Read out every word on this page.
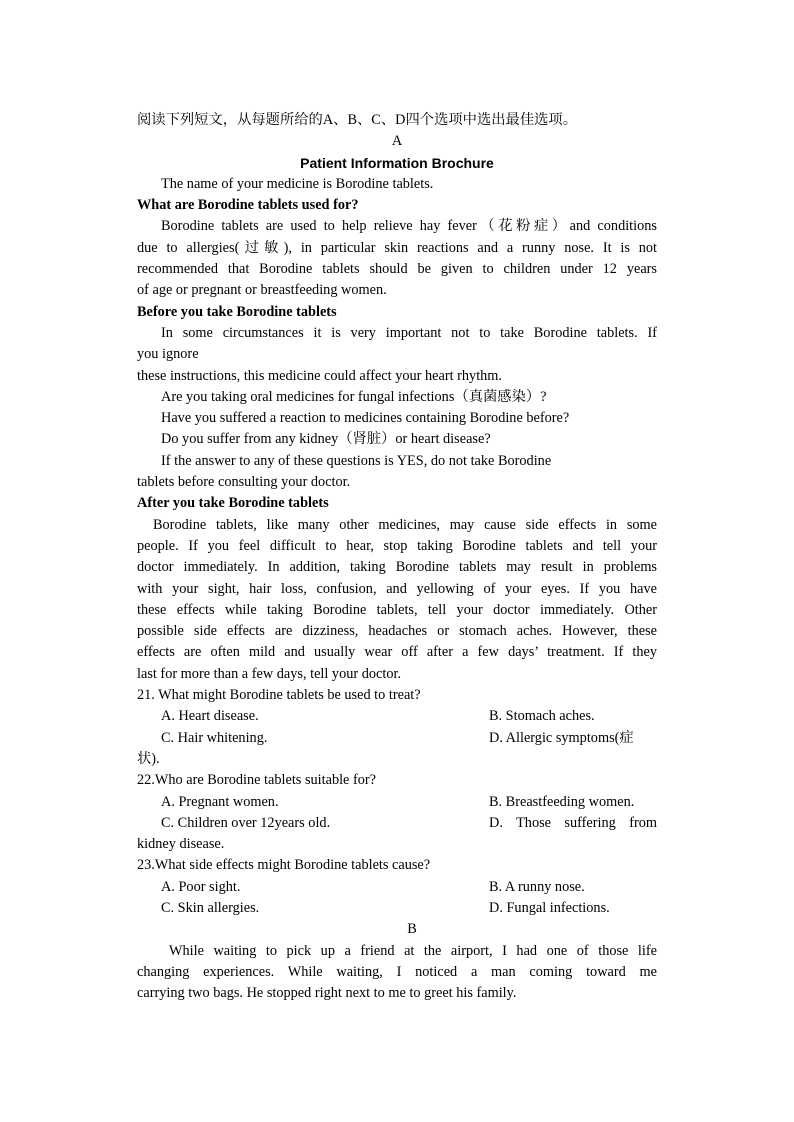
阅读下列短文，从每题所给的A、B、C、D四个选项中选出最佳选项。
A
Patient Information Brochure
The name of your medicine is Borodine tablets.
What are Borodine tablets used for?
Borodine tablets are used to help relieve hay fever（花粉症）and conditions
due to allergies(过敏), in particular skin reactions and a runny nose. It is not
recommended that Borodine tablets should be given to children under 12 years
of age or pregnant or breastfeeding women.
Before you take Borodine tablets
In some circumstances it is very important not to take Borodine tablets. If
you ignore
these instructions, this medicine could affect your heart rhythm.
Are you taking oral medicines for fungal infections（真菌感染）?
Have you suffered a reaction to medicines containing Borodine before?
Do you suffer from any kidney（肾脏）or heart disease?
If the answer to any of these questions is YES, do not take Borodine
tablets before consulting your doctor.
After you take Borodine tablets
Borodine tablets, like many other medicines, may cause side effects in some
people. If you feel difficult to hear, stop taking Borodine tablets and tell your
doctor immediately. In addition, taking Borodine tablets may result in problems
with your sight, hair loss, confusion, and yellowing of your eyes. If you have
these effects while taking Borodine tablets, tell your doctor immediately. Other
possible side effects are dizziness, headaches or stomach aches. However, these
effects are often mild and usually wear off after a few days’ treatment. If they
last for more than a few days, tell your doctor.
21. What might Borodine tablets be used to treat?
A. Heart disease.	B. Stomach aches.
C. Hair whitening.	D. Allergic symptoms(症
状).
22.Who are Borodine tablets suitable for?
A. Pregnant women.	B. Breastfeeding women.
C. Children over 12years old.	D. Those suffering from
kidney disease.
23.What side effects might Borodine tablets cause?
A. Poor sight.	B. A runny nose.
C. Skin allergies.	D. Fungal infections.
B
While waiting to pick up a friend at the airport, I had one of those life
changing experiences. While waiting, I noticed a man coming toward me
carrying two bags. He stopped right next to me to greet his family.
